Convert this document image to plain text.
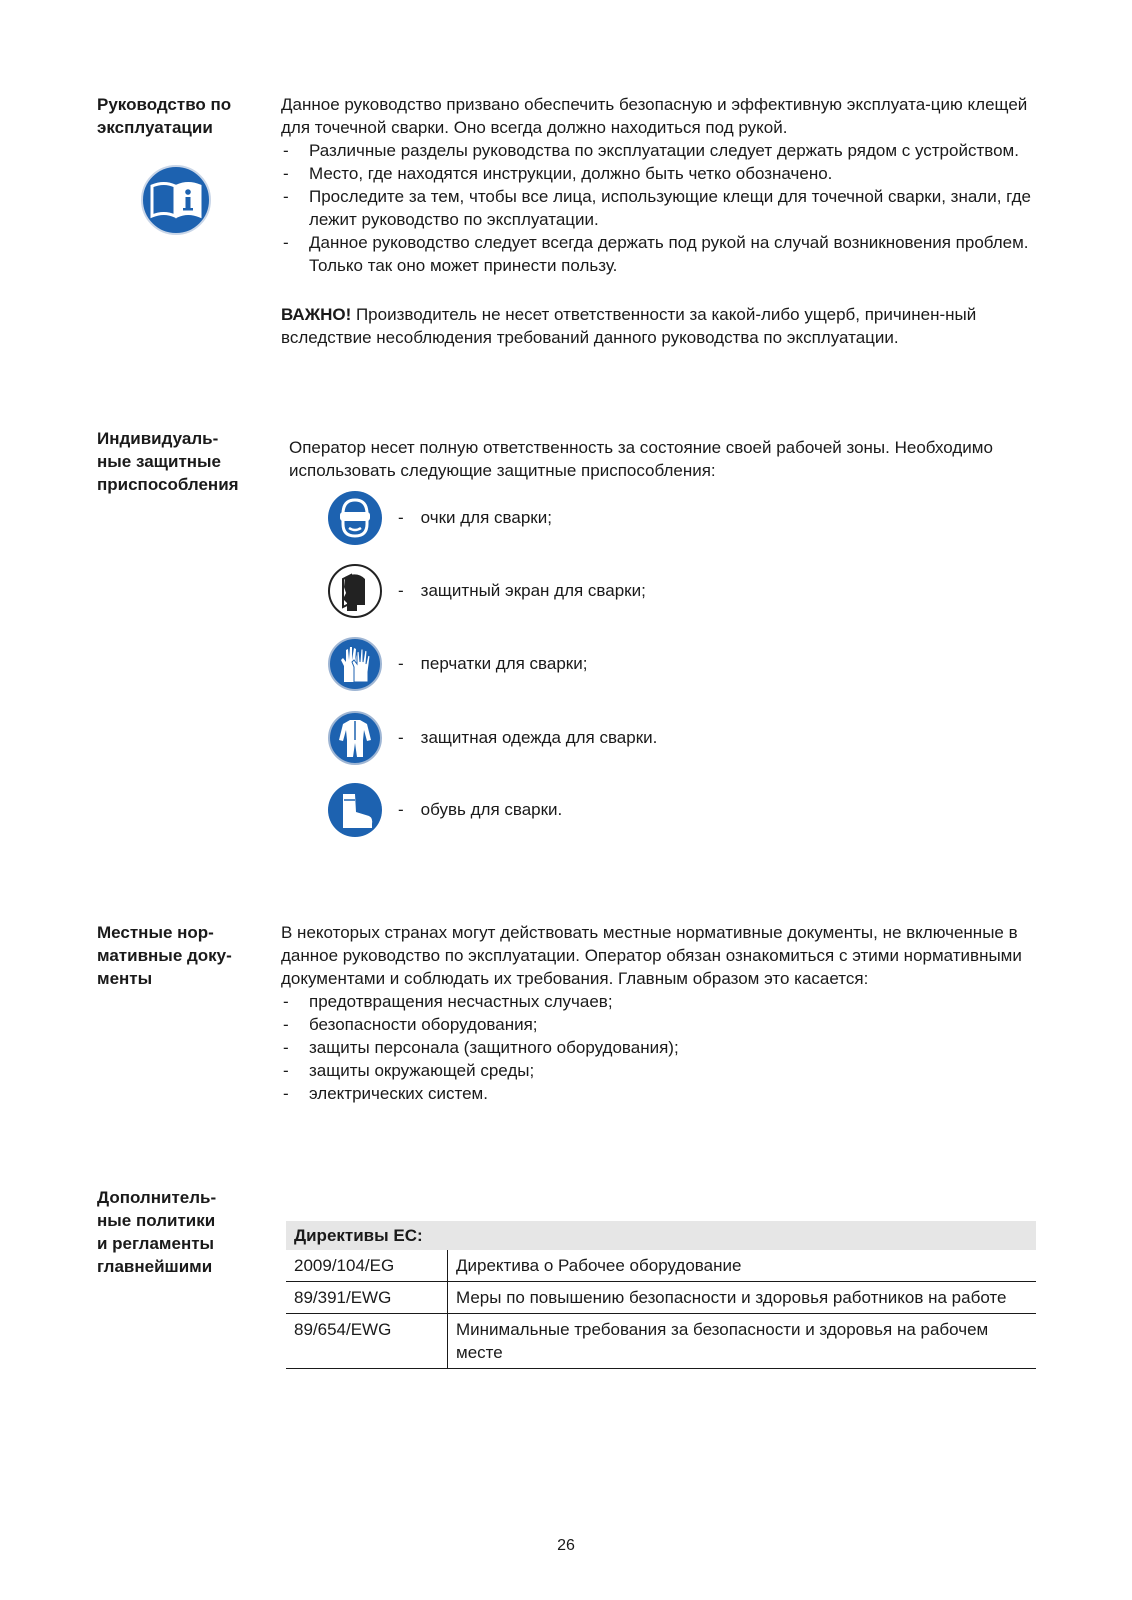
Руководство по
эксплуатации

Данное руководство призвано обеспечить безопасную и эффективную эксплуата-цию клещей для точечной сварки. Оно всегда должно находиться под рукой.

- Различные разделы руководства по эксплуатации следует держать рядом с устройством.
- Место, где находятся инструкции, должно быть четко обозначено.
- Проследите за тем, чтобы все лица, использующие клещи для точечной сварки, знали, где лежит руководство по эксплуатации.
- Данное руководство следует всегда держать под рукой на случай возникновения проблем. Только так оно может принести пользу.

ВАЖНО! Производитель не несет ответственности за какой-либо ущерб, причинен-ный вследствие несоблюдения требований данного руководства по эксплуатации.

Индивидуаль-
ные защитные
приспособления
Оператор несет полную ответственность за состояние своей рабочей зоны. Необходимо использовать следующие защитные приспособления:
- очки для сварки;
- защитный экран для сварки;
- перчатки для сварки;
- защитная одежда для сварки.
- обувь для сварки.
Местные нор-
мативные доку-
менты

В некоторых странах могут действовать местные нормативные документы, не включенные в данное руководство по эксплуатации. Оператор обязан ознакомиться с этими нормативными документами и соблюдать их требования. Главным образом это касается:

- предотвращения несчастных случаев;
- безопасности оборудования;
- защиты персонала (защитного оборудования);
- защиты окружающей среды;
- электрических систем.
Дополнитель-
ные политики
и регламенты
главнейшими
Директивы ЕС:	
2009/104/EG	Директива о Рабочее оборудование
89/391/EWG	Меры по повышению безопасности и здоровья работников на работе
89/654/EWG	Минимальные требования за безопасности и здоровья на рабочем месте
26
